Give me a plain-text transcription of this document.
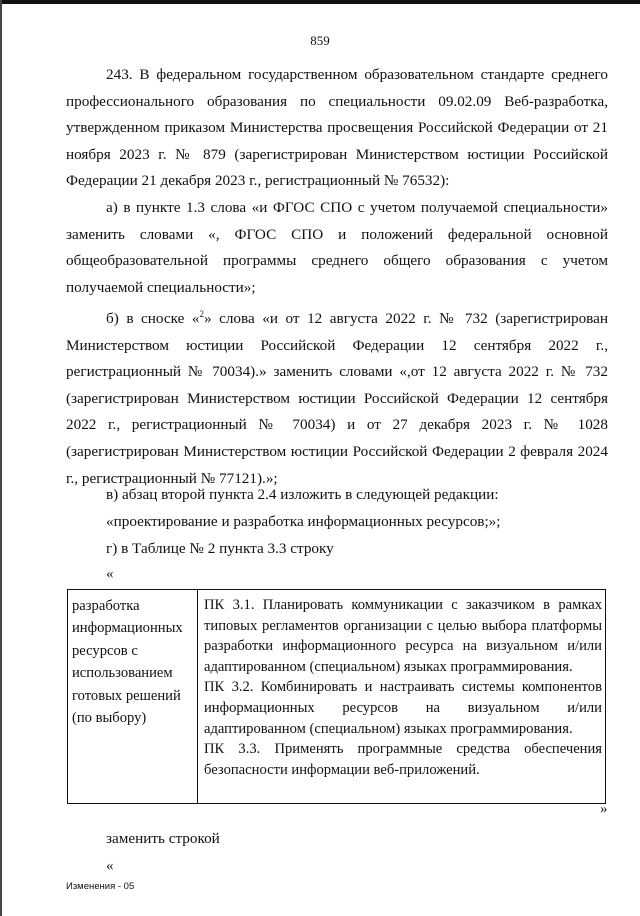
859

243. В федеральном государственном образовательном стандарте среднего профессионального образования по специальности 09.02.09 Веб-разработка, утвержденном приказом Министерства просвещения Российской Федерации от 21 ноября 2023 г. № 879 (зарегистрирован Министерством юстиции Российской Федерации 21 декабря 2023 г., регистрационный № 76532):

а) в пункте 1.3 слова «и ФГОС СПО с учетом получаемой специальности» заменить словами «, ФГОС СПО и положений федеральной основной общеобразовательной программы среднего общего образования с учетом получаемой специальности»;

б) в сноске «$^2$» слова «и от 12 августа 2022 г. № 732 (зарегистрирован Министерством юстиции Российской Федерации 12 сентября 2022 г., регистрационный № 70034).» заменить словами «,от 12 августа 2022 г. № 732 (зарегистрирован Министерством юстиции Российской Федерации 12 сентября 2022 г., регистрационный № 70034) и от 27 декабря 2023 г. № 1028 (зарегистрирован Министерством юстиции Российской Федерации 2 февраля 2024 г., регистрационный № 77121).»;

в) абзац второй пункта 2.4 изложить в следующей редакции:

«проектирование и разработка информационных ресурсов;»;

г) в Таблице № 2 пункта 3.3 строку

«
разработка
информационных
ресурсов с
использованием
готовых решений
(по выбору)

ПК 3.1. Планировать коммуникации с заказчиком в рамках типовых регламентов организации с целью выбора платформы разработки информационного ресурса на визуальном и/или адаптированном (специальном) языках программирования.

ПК 3.2. Комбинировать и настраивать системы компонентов информационных ресурсов на визуальном и/или адаптированном (специальном) языках программирования.

ПК 3.3. Применять программные средства обеспечения безопасности информации веб-приложений.

»

заменить строкой

«
Изменения - 05
